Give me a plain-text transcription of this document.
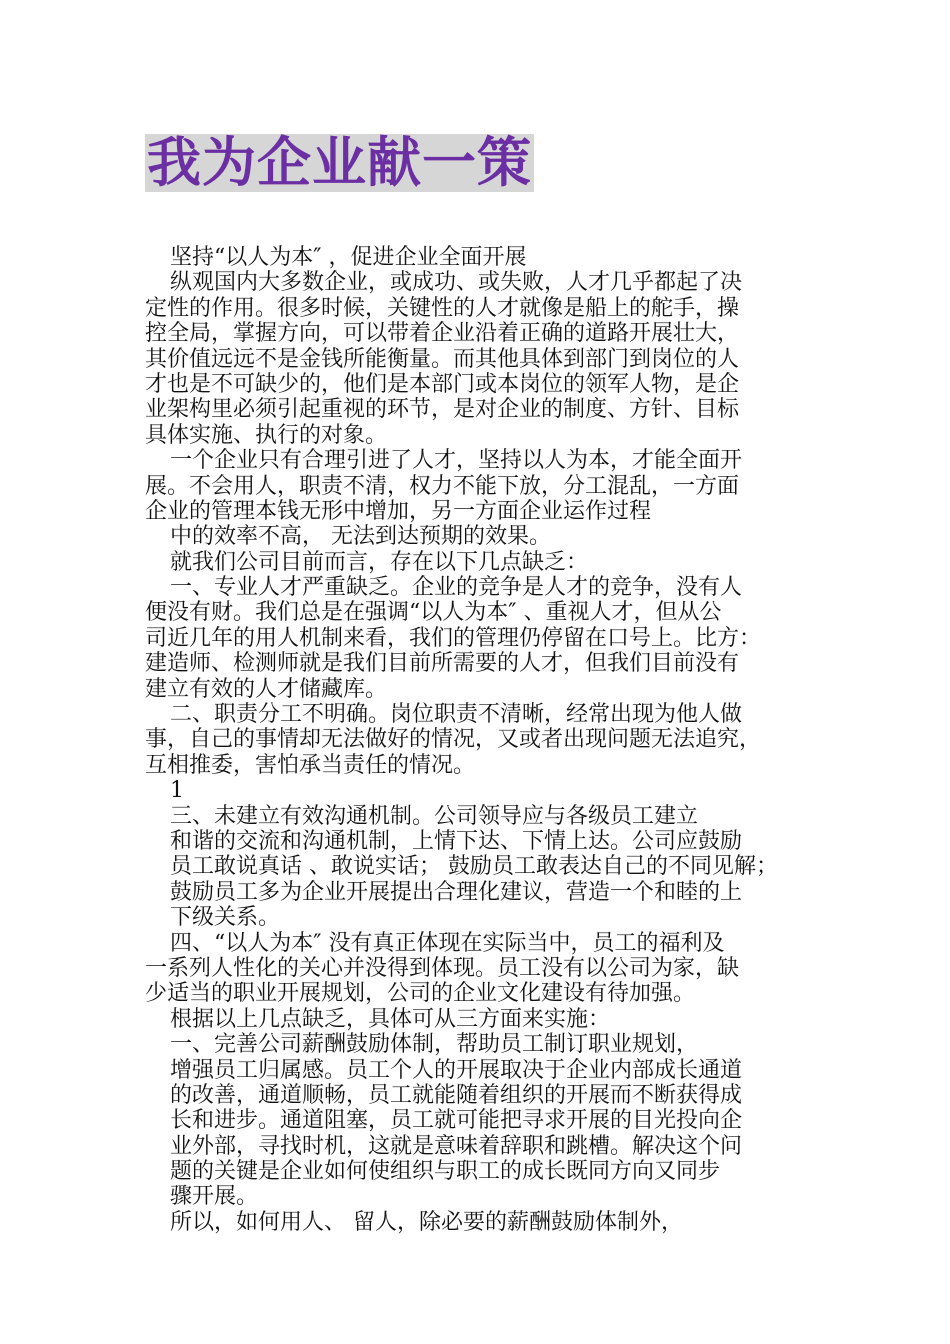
我为企业献一策
坚持“以人为本″ ，促进企业全面开展
纵观国内大多数企业，或成功、或失败，人才几乎都起了决
定性的作用。很多时候，关键性的人才就像是船上的舵手，操
控全局，掌握方向，可以带着企业沿着正确的道路开展壮大，
其价值远远不是金钱所能衡量。而其他具体到部门到岗位的人
才也是不可缺少的，他们是本部门或本岗位的领军人物，是企
业架构里必须引起重视的环节，是对企业的制度、方针、目标
具体实施、执行的对象。
一个企业只有合理引进了人才，坚持以人为本，才能全面开
展。不会用人，职责不清，权力不能下放，分工混乱，一方面
企业的管理本钱无形中增加，另一方面企业运作过程
中的效率不高， 无法到达预期的效果。
就我们公司目前而言，存在以下几点缺乏：
一、专业人才严重缺乏。企业的竞争是人才的竞争，没有人
便没有财。我们总是在强调“以人为本″ 、重视人才，但从公
司近几年的用人机制来看，我们的管理仍停留在口号上。比方：
建造师、检测师就是我们目前所需要的人才，但我们目前没有
建立有效的人才储藏库。
二、职责分工不明确。岗位职责不清晰，经常出现为他人做
事，自己的事情却无法做好的情况，又或者出现问题无法追究，
互相推委，害怕承当责任的情况。
1
三、未建立有效沟通机制。公司领导应与各级员工建立
和谐的交流和沟通机制，上情下达、下情上达。公司应鼓励
员工敢说真话 、敢说实话； 鼓励员工敢表达自己的不同见解；
鼓励员工多为企业开展提出合理化建议，营造一个和睦的上
下级关系。
四、“以人为本″ 没有真正体现在实际当中，员工的福利及
一系列人性化的关心并没得到体现。员工没有以公司为家，缺
少适当的职业开展规划，公司的企业文化建设有待加强。
根据以上几点缺乏，具体可从三方面来实施：
一、完善公司薪酬鼓励体制，帮助员工制订职业规划，
增强员工归属感。员工个人的开展取决于企业内部成长通道
的改善，通道顺畅，员工就能随着组织的开展而不断获得成
长和进步。通道阻塞，员工就可能把寻求开展的目光投向企
业外部，寻找时机，这就是意味着辞职和跳槽。解决这个问
题的关键是企业如何使组织与职工的成长既同方向又同步
骤开展。
所以，如何用人、 留人，除必要的薪酬鼓励体制外，
